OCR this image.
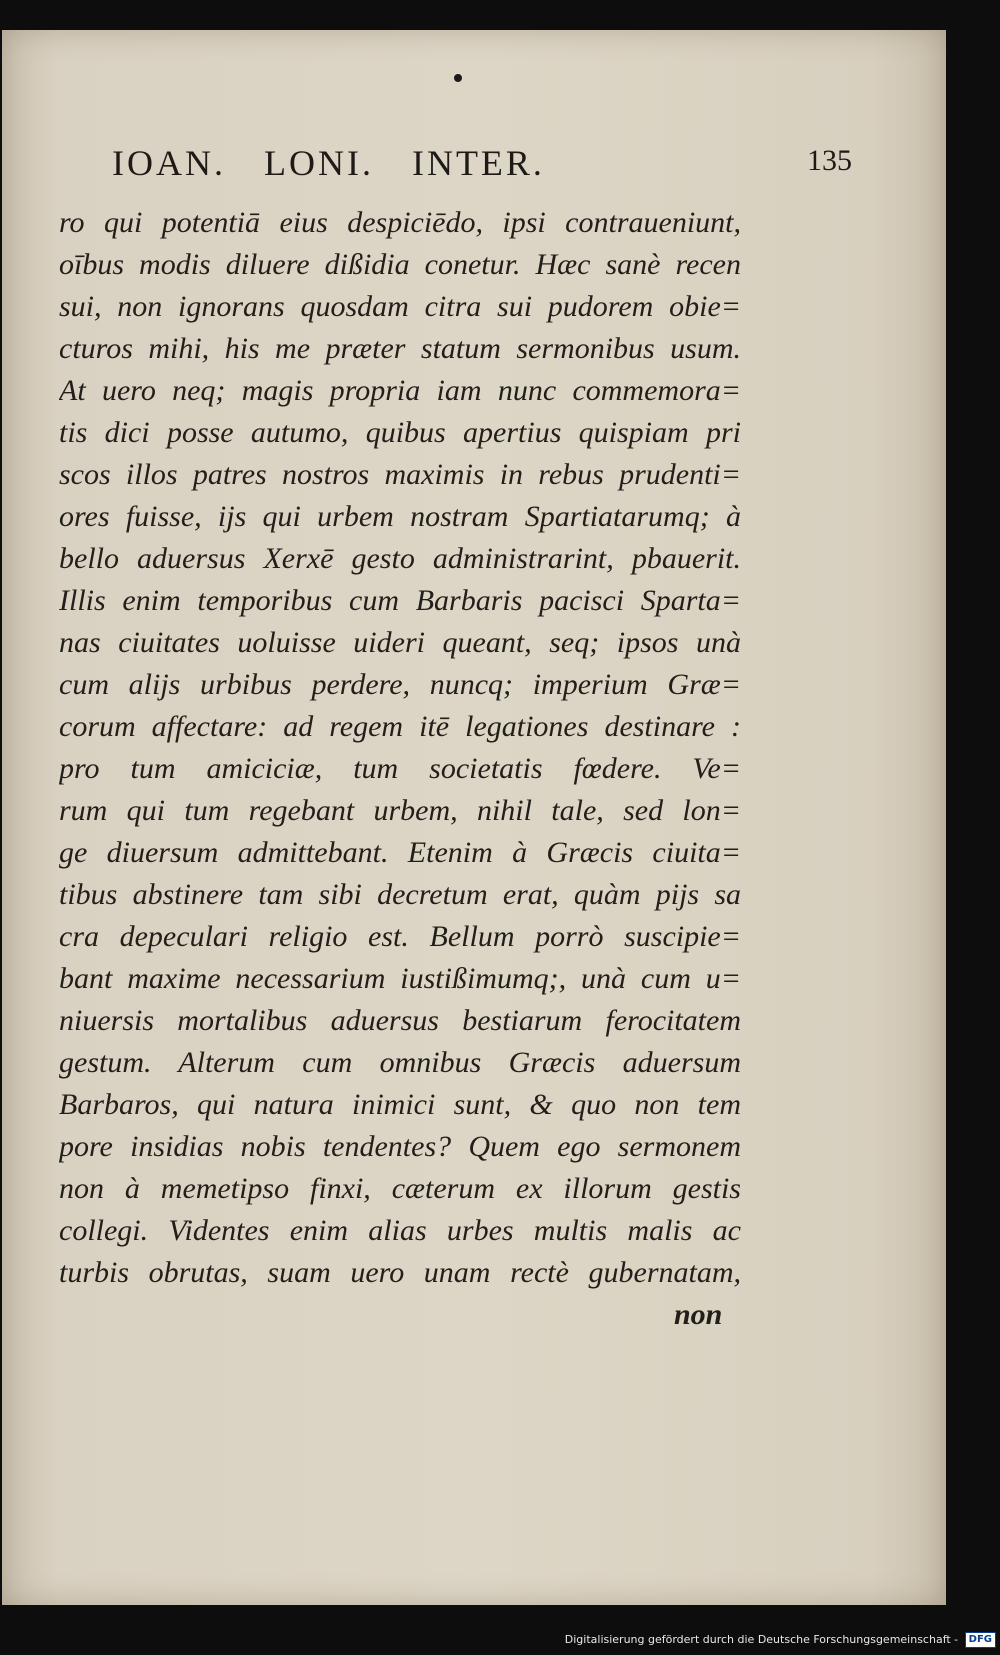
IOAN. LONI. INTER.	135
ro qui potentiā eius despiciēdo, ipsi contraueniunt,
oībus modis diluere dißidia conetur. Hæc sanè recen
sui, non ignorans quosdam citra sui pudorem obie=
cturos mihi, his me præter statum sermonibus usum.
At uero neq; magis propria iam nunc commemora=
tis dici posse autumo, quibus apertius quispiam pri
scos illos patres nostros maximis in rebus prudenti=
ores fuisse, ijs qui urbem nostram Spartiatarumq; à
bello aduersus Xerxē gesto administrarint, pbauerit.
Illis enim temporibus cum Barbaris pacisci Sparta=
nas ciuitates uoluisse uideri queant, seq; ipsos unà
cum alijs urbibus perdere, nuncq; imperium Græ=
corum affectare: ad regem itē legationes destinare :
pro tum amiciciæ, tum societatis fœdere. Ve=
rum qui tum regebant urbem, nihil tale, sed lon=
ge diuersum admittebant. Etenim à Græcis ciuita=
tibus abstinere tam sibi decretum erat, quàm pijs sa
cra depeculari religio est. Bellum porrò suscipie=
bant maxime necessarium iustißimumq;, unà cum u=
niuersis mortalibus aduersus bestiarum ferocitatem
gestum. Alterum cum omnibus Græcis aduersum
Barbaros, qui natura inimici sunt, & quo non tem
pore insidias nobis tendentes? Quem ego sermonem
non à memetipso finxi, cæterum ex illorum gestis
collegi. Videntes enim alias urbes multis malis ac
turbis obrutas, suam uero unam rectè gubernatam,
non
Digitalisierung gefördert durch die Deutsche Forschungsgemeinschaft - DFG
